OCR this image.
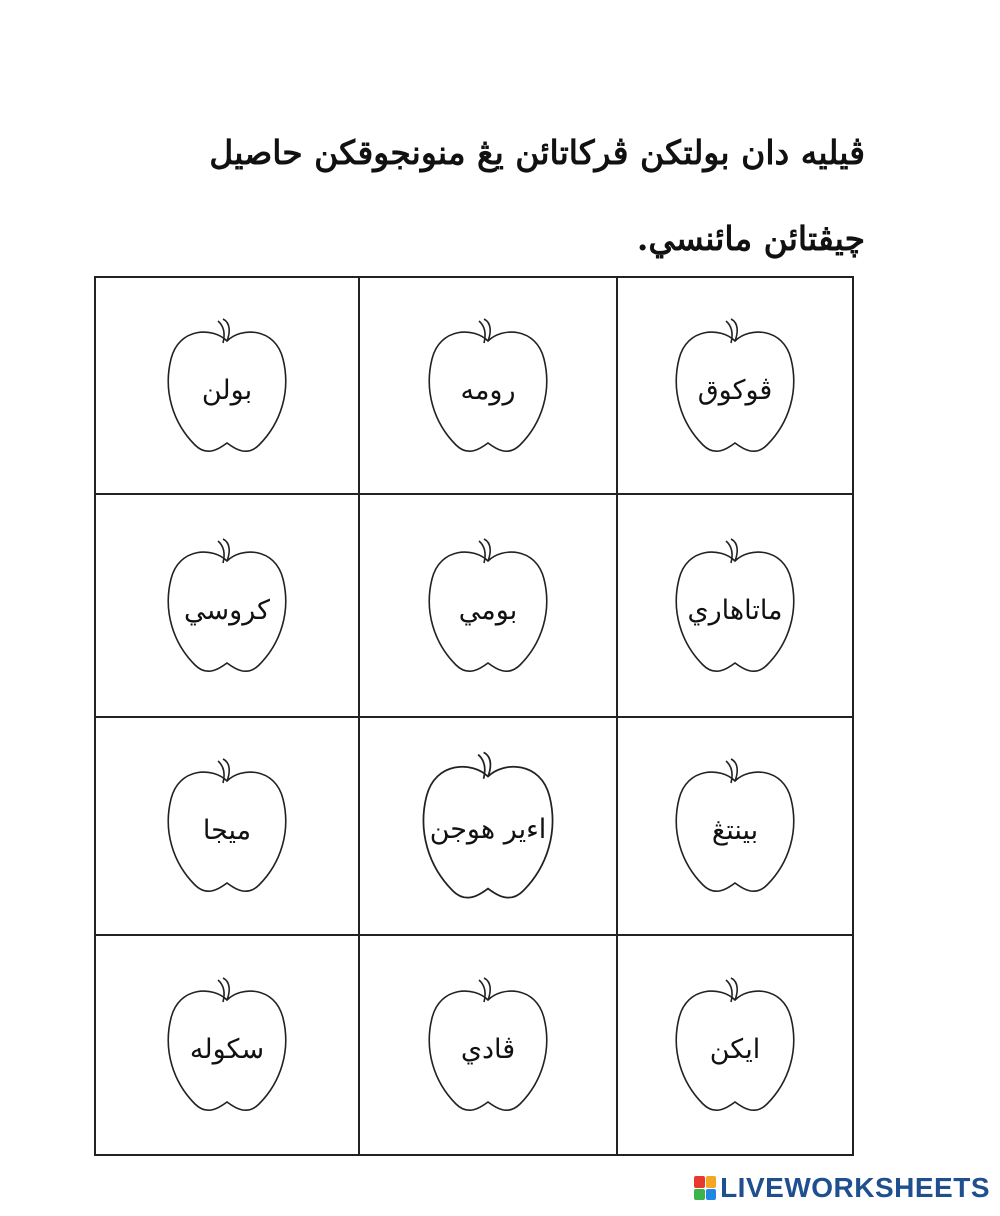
ڤيليه دان بولتکن ڤرکاتائن يڠ منونجوقکن حاصيل چيڤتائن مائنسي.
ڤوکوق
رومه
بولن
ماتاهاري
بومي
کروسي
بينتڠ
اءير هوجن
ميجا
ايکن
ڤادي
سکوله
LIVEWORKSHEETS
